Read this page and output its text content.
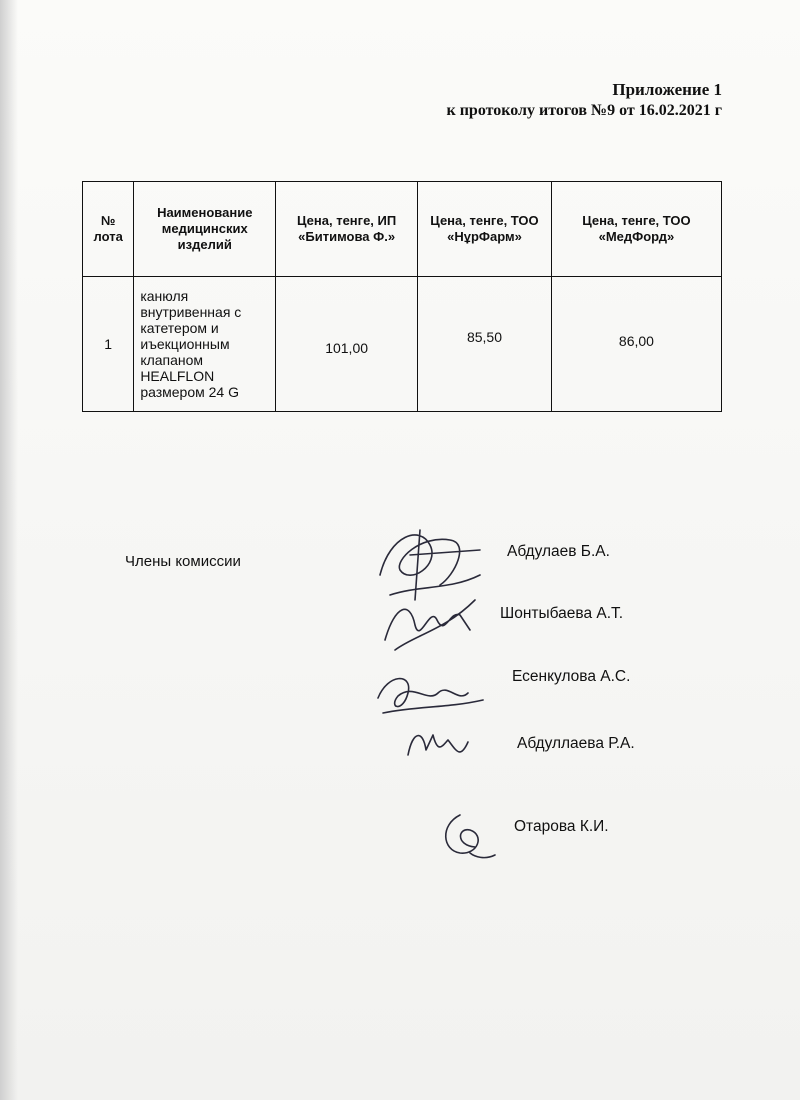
Приложение 1
к протоколу итогов №9 от 16.02.2021 г
№ лота	Наименование медицинских изделий	Цена, тенге, ИП «Битимова Ф.»	Цена, тенге, ТОО «НұрФарм»	Цена, тенге, ТОО «МедФорд»
1	канюля внутривенная с катетером и иъекционным клапаном HEALFLON размером 24 G	101,00	85,50	86,00
Члены комиссии
Абдулаев Б.А.
Шонтыбаева А.Т.
Есенкулова А.С.
Абдуллаева Р.А.
Отарова К.И.
